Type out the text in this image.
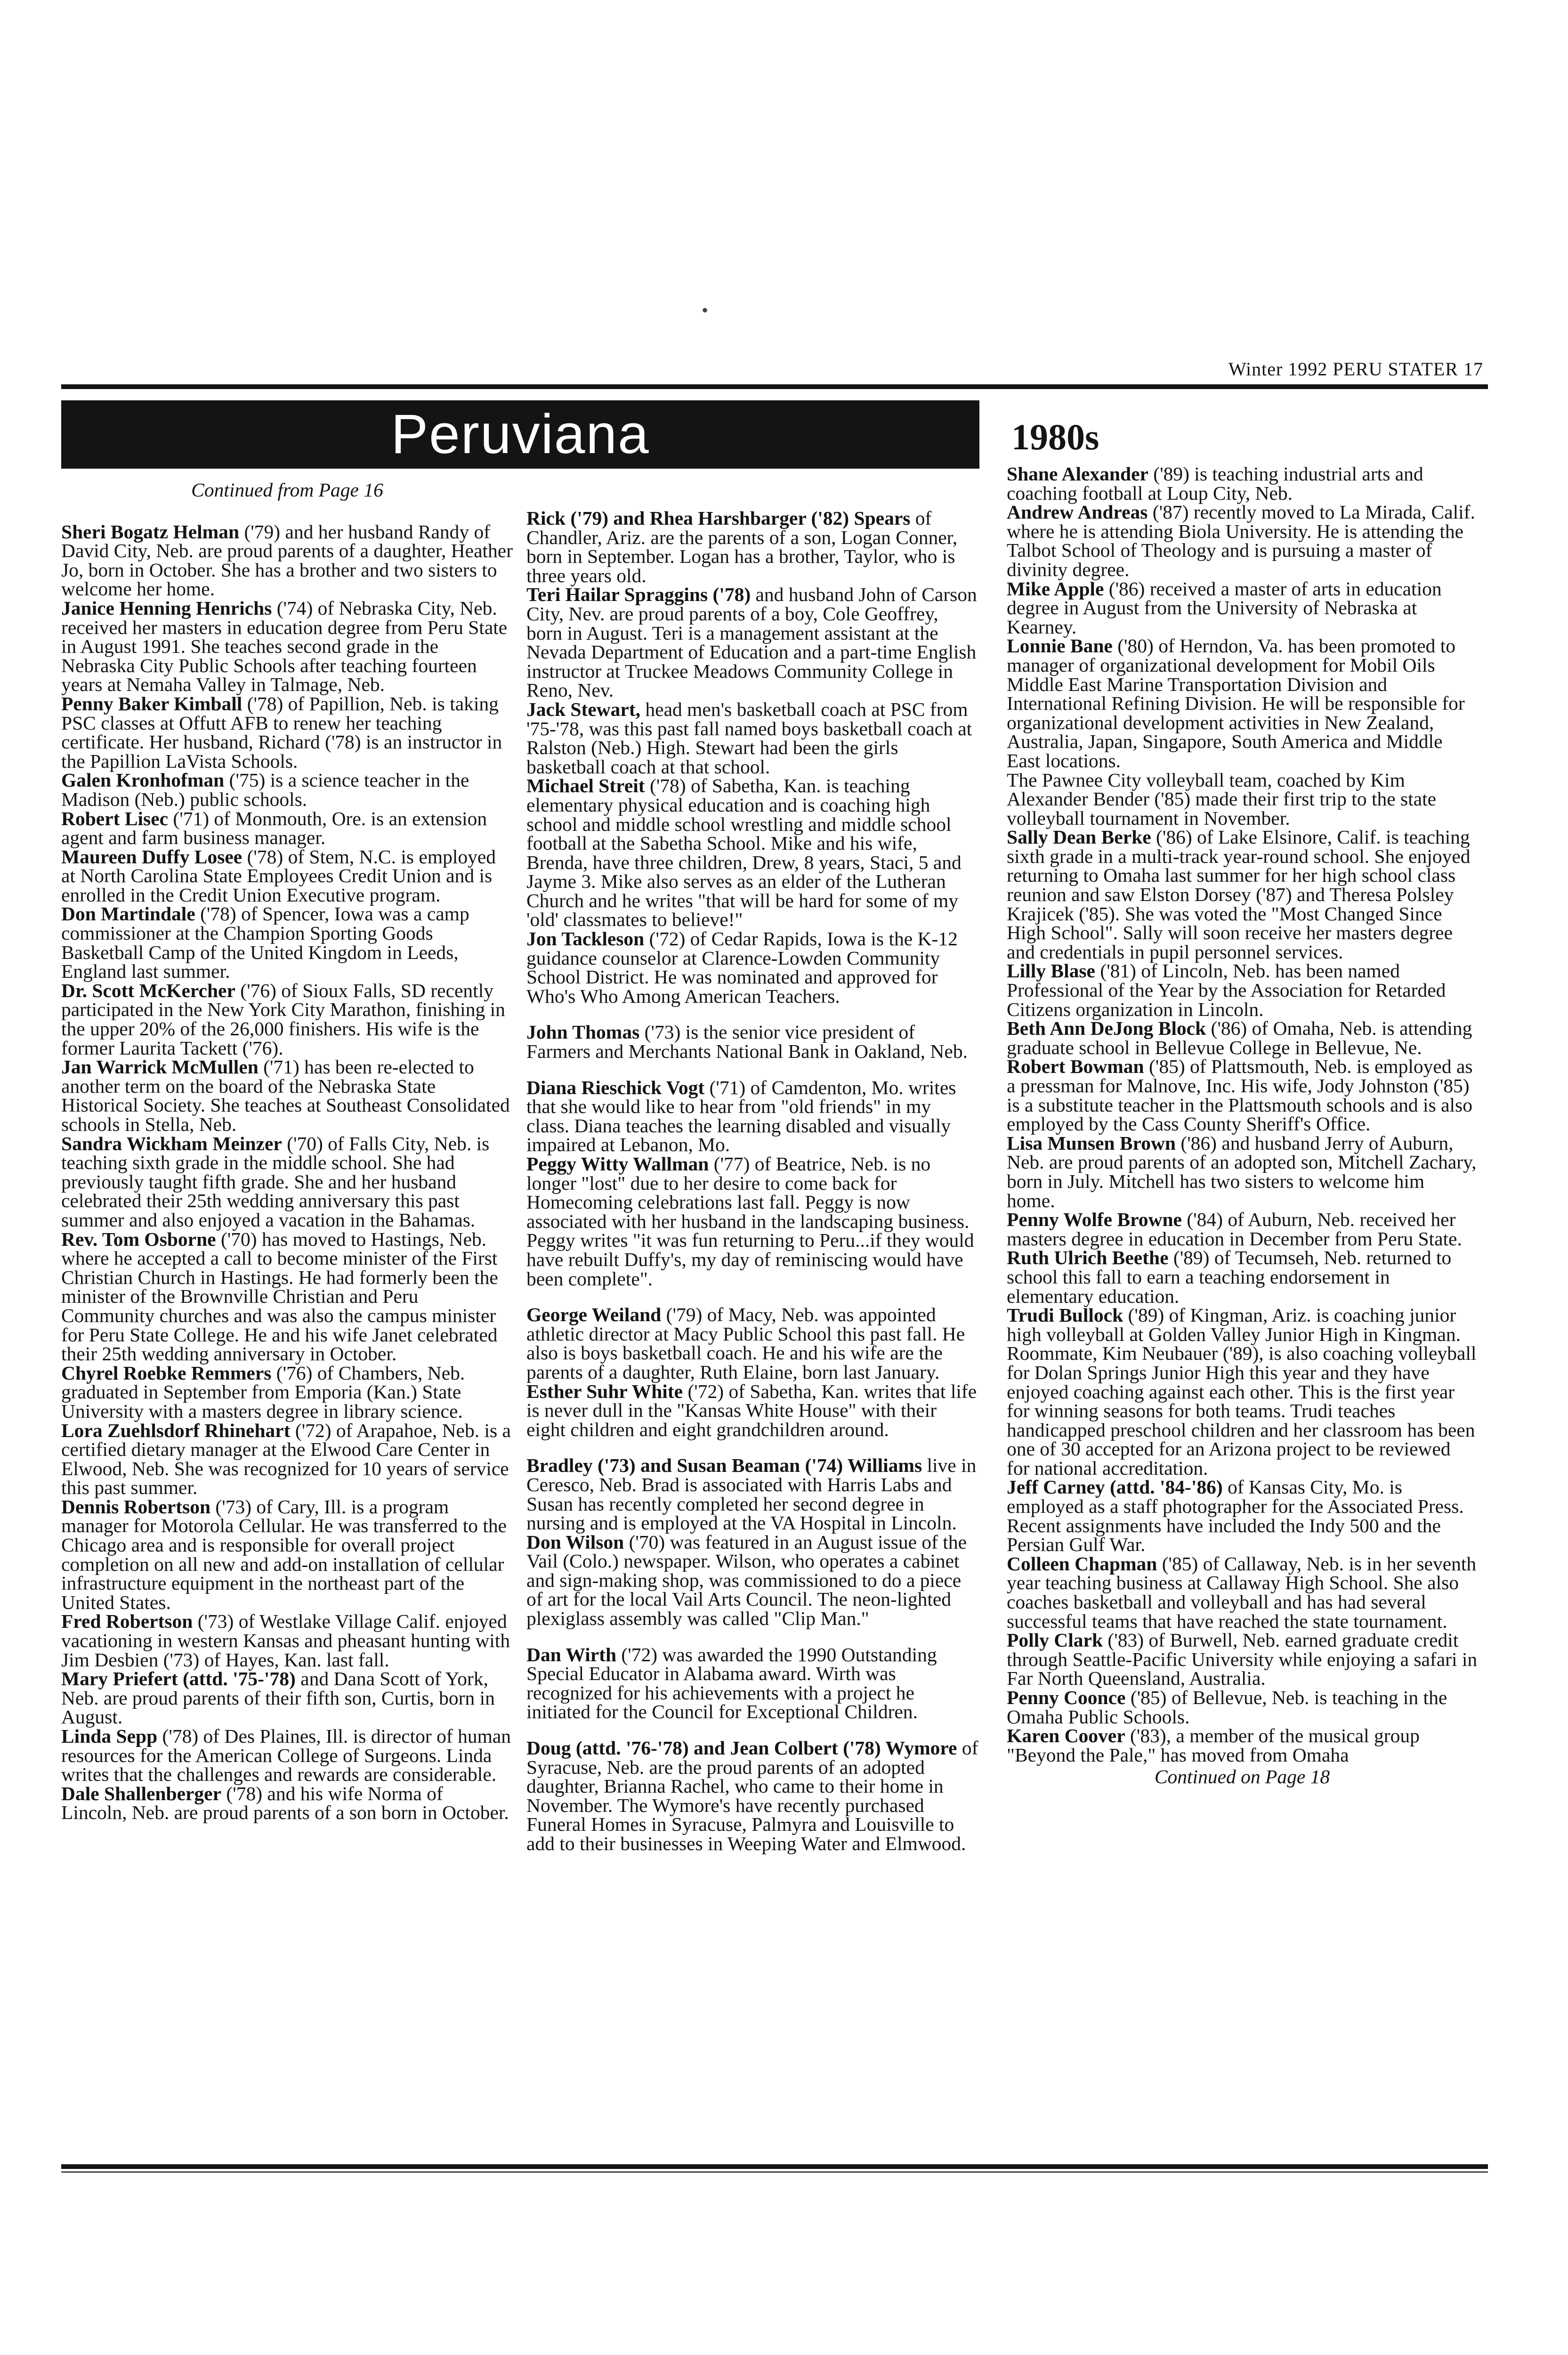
•
Winter 1992 PERU STATER 17
Peruviana

Continued from Page 16

Sheri Bogatz Helman ('79) and her husband Randy of David City, Neb. are proud parents of a daughter, Heather Jo, born in October. She has a brother and two sisters to welcome her home.

Janice Henning Henrichs ('74) of Nebraska City, Neb. received her masters in education degree from Peru State in August 1991. She teaches second grade in the Nebraska City Public Schools after teaching fourteen years at Nemaha Valley in Talmage, Neb.

Penny Baker Kimball ('78) of Papillion, Neb. is taking PSC classes at Offutt AFB to renew her teaching certificate. Her husband, Richard ('78) is an instructor in the Papillion LaVista Schools.

Galen Kronhofman ('75) is a science teacher in the Madison (Neb.) public schools.

Robert Lisec ('71) of Monmouth, Ore. is an extension agent and farm business manager.

Maureen Duffy Losee ('78) of Stem, N.C. is employed at North Carolina State Employees Credit Union and is enrolled in the Credit Union Executive program.

Don Martindale ('78) of Spencer, Iowa was a camp commissioner at the Champion Sporting Goods Basketball Camp of the United Kingdom in Leeds, England last summer.

Dr. Scott McKercher ('76) of Sioux Falls, SD recently participated in the New York City Marathon, finishing in the upper 20% of the 26,000 finishers. His wife is the former Laurita Tackett ('76).

Jan Warrick McMullen ('71) has been re-elected to another term on the board of the Nebraska State Historical Society. She teaches at Southeast Consolidated schools in Stella, Neb.

Sandra Wickham Meinzer ('70) of Falls City, Neb. is teaching sixth grade in the middle school. She had previously taught fifth grade. She and her husband celebrated their 25th wedding anniversary this past summer and also enjoyed a vacation in the Bahamas.

Rev. Tom Osborne ('70) has moved to Hastings, Neb. where he accepted a call to become minister of the First Christian Church in Hastings. He had formerly been the minister of the Brownville Christian and Peru Community churches and was also the campus minister for Peru State College. He and his wife Janet celebrated their 25th wedding anniversary in October.

Chyrel Roebke Remmers ('76) of Chambers, Neb. graduated in September from Emporia (Kan.) State University with a masters degree in library science.

Lora Zuehlsdorf Rhinehart ('72) of Arapahoe, Neb. is a certified dietary manager at the Elwood Care Center in Elwood, Neb. She was recognized for 10 years of service this past summer.

Dennis Robertson ('73) of Cary, Ill. is a program manager for Motorola Cellular. He was transferred to the Chicago area and is responsible for overall project completion on all new and add-on installation of cellular infrastructure equipment in the northeast part of the United States.

Fred Robertson ('73) of Westlake Village Calif. enjoyed vacationing in western Kansas and pheasant hunting with Jim Desbien ('73) of Hayes, Kan. last fall.

Mary Priefert (attd. '75-'78) and Dana Scott of York, Neb. are proud parents of their fifth son, Curtis, born in August.

Linda Sepp ('78) of Des Plaines, Ill. is director of human resources for the American College of Surgeons. Linda writes that the challenges and rewards are considerable.

Dale Shallenberger ('78) and his wife Norma of Lincoln, Neb. are proud parents of a son born in October.

Rick ('79) and Rhea Harshbarger ('82) Spears of Chandler, Ariz. are the parents of a son, Logan Conner, born in September. Logan has a brother, Taylor, who is three years old.

Teri Hailar Spraggins ('78) and husband John of Carson City, Nev. are proud parents of a boy, Cole Geoffrey, born in August. Teri is a management assistant at the Nevada Department of Education and a part-time English instructor at Truckee Meadows Community College in Reno, Nev.

Jack Stewart, head men's basketball coach at PSC from '75-'78, was this past fall named boys basketball coach at Ralston (Neb.) High. Stewart had been the girls basketball coach at that school.

Michael Streit ('78) of Sabetha, Kan. is teaching elementary physical education and is coaching high school and middle school wrestling and middle school football at the Sabetha School. Mike and his wife, Brenda, have three children, Drew, 8 years, Staci, 5 and Jayme 3. Mike also serves as an elder of the Lutheran Church and he writes "that will be hard for some of my 'old' classmates to believe!"

Jon Tackleson ('72) of Cedar Rapids, Iowa is the K-12 guidance counselor at Clarence-Lowden Community School District. He was nominated and approved for Who's Who Among American Teachers.

John Thomas ('73) is the senior vice president of Farmers and Merchants National Bank in Oakland, Neb.

Diana Rieschick Vogt ('71) of Camdenton, Mo. writes that she would like to hear from "old friends" in my class. Diana teaches the learning disabled and visually impaired at Lebanon, Mo.

Peggy Witty Wallman ('77) of Beatrice, Neb. is no longer "lost" due to her desire to come back for Homecoming celebrations last fall. Peggy is now associated with her husband in the landscaping business. Peggy writes "it was fun returning to Peru...if they would have rebuilt Duffy's, my day of reminiscing would have been complete".

George Weiland ('79) of Macy, Neb. was appointed athletic director at Macy Public School this past fall. He also is boys basketball coach. He and his wife are the parents of a daughter, Ruth Elaine, born last January.

Esther Suhr White ('72) of Sabetha, Kan. writes that life is never dull in the "Kansas White House" with their eight children and eight grandchildren around.

Bradley ('73) and Susan Beaman ('74) Williams live in Ceresco, Neb. Brad is associated with Harris Labs and Susan has recently completed her second degree in nursing and is employed at the VA Hospital in Lincoln.

Don Wilson ('70) was featured in an August issue of the Vail (Colo.) newspaper. Wilson, who operates a cabinet and sign-making shop, was commissioned to do a piece of art for the local Vail Arts Council. The neon-lighted plexiglass assembly was called "Clip Man."

Dan Wirth ('72) was awarded the 1990 Outstanding Special Educator in Alabama award. Wirth was recognized for his achievements with a project he initiated for the Council for Exceptional Children.

Doug (attd. '76-'78) and Jean Colbert ('78) Wymore of Syracuse, Neb. are the proud parents of an adopted daughter, Brianna Rachel, who came to their home in November. The Wymore's have recently purchased Funeral Homes in Syracuse, Palmyra and Louisville to add to their businesses in Weeping Water and Elmwood.

1980s

Shane Alexander ('89) is teaching industrial arts and coaching football at Loup City, Neb.

Andrew Andreas ('87) recently moved to La Mirada, Calif. where he is attending Biola University. He is attending the Talbot School of Theology and is pursuing a master of divinity degree.

Mike Apple ('86) received a master of arts in education degree in August from the University of Nebraska at Kearney.

Lonnie Bane ('80) of Herndon, Va. has been promoted to manager of organizational development for Mobil Oils Middle East Marine Transportation Division and International Refining Division. He will be responsible for organizational development activities in New Zealand, Australia, Japan, Singapore, South America and Middle East locations.

The Pawnee City volleyball team, coached by Kim Alexander Bender ('85) made their first trip to the state volleyball tournament in November.

Sally Dean Berke ('86) of Lake Elsinore, Calif. is teaching sixth grade in a multi-track year-round school. She enjoyed returning to Omaha last summer for her high school class reunion and saw Elston Dorsey ('87) and Theresa Polsley Krajicek ('85). She was voted the "Most Changed Since High School". Sally will soon receive her masters degree and credentials in pupil personnel services.

Lilly Blase ('81) of Lincoln, Neb. has been named Professional of the Year by the Association for Retarded Citizens organization in Lincoln.

Beth Ann DeJong Block ('86) of Omaha, Neb. is attending graduate school in Bellevue College in Bellevue, Ne.

Robert Bowman ('85) of Plattsmouth, Neb. is employed as a pressman for Malnove, Inc. His wife, Jody Johnston ('85) is a substitute teacher in the Plattsmouth schools and is also employed by the Cass County Sheriff's Office.

Lisa Munsen Brown ('86) and husband Jerry of Auburn, Neb. are proud parents of an adopted son, Mitchell Zachary, born in July. Mitchell has two sisters to welcome him home.

Penny Wolfe Browne ('84) of Auburn, Neb. received her masters degree in education in December from Peru State.

Ruth Ulrich Beethe ('89) of Tecumseh, Neb. returned to school this fall to earn a teaching endorsement in elementary education.

Trudi Bullock ('89) of Kingman, Ariz. is coaching junior high volleyball at Golden Valley Junior High in Kingman. Roommate, Kim Neubauer ('89), is also coaching volleyball for Dolan Springs Junior High this year and they have enjoyed coaching against each other. This is the first year for winning seasons for both teams. Trudi teaches handicapped preschool children and her classroom has been one of 30 accepted for an Arizona project to be reviewed for national accreditation.

Jeff Carney (attd. '84-'86) of Kansas City, Mo. is employed as a staff photographer for the Associated Press. Recent assignments have included the Indy 500 and the Persian Gulf War.

Colleen Chapman ('85) of Callaway, Neb. is in her seventh year teaching business at Callaway High School. She also coaches basketball and volleyball and has had several successful teams that have reached the state tournament.

Polly Clark ('83) of Burwell, Neb. earned graduate credit through Seattle-Pacific University while enjoying a safari in Far North Queensland, Australia.

Penny Coonce ('85) of Bellevue, Neb. is teaching in the Omaha Public Schools.

Karen Coover ('83), a member of the musical group "Beyond the Pale," has moved from Omaha

Continued on Page 18
